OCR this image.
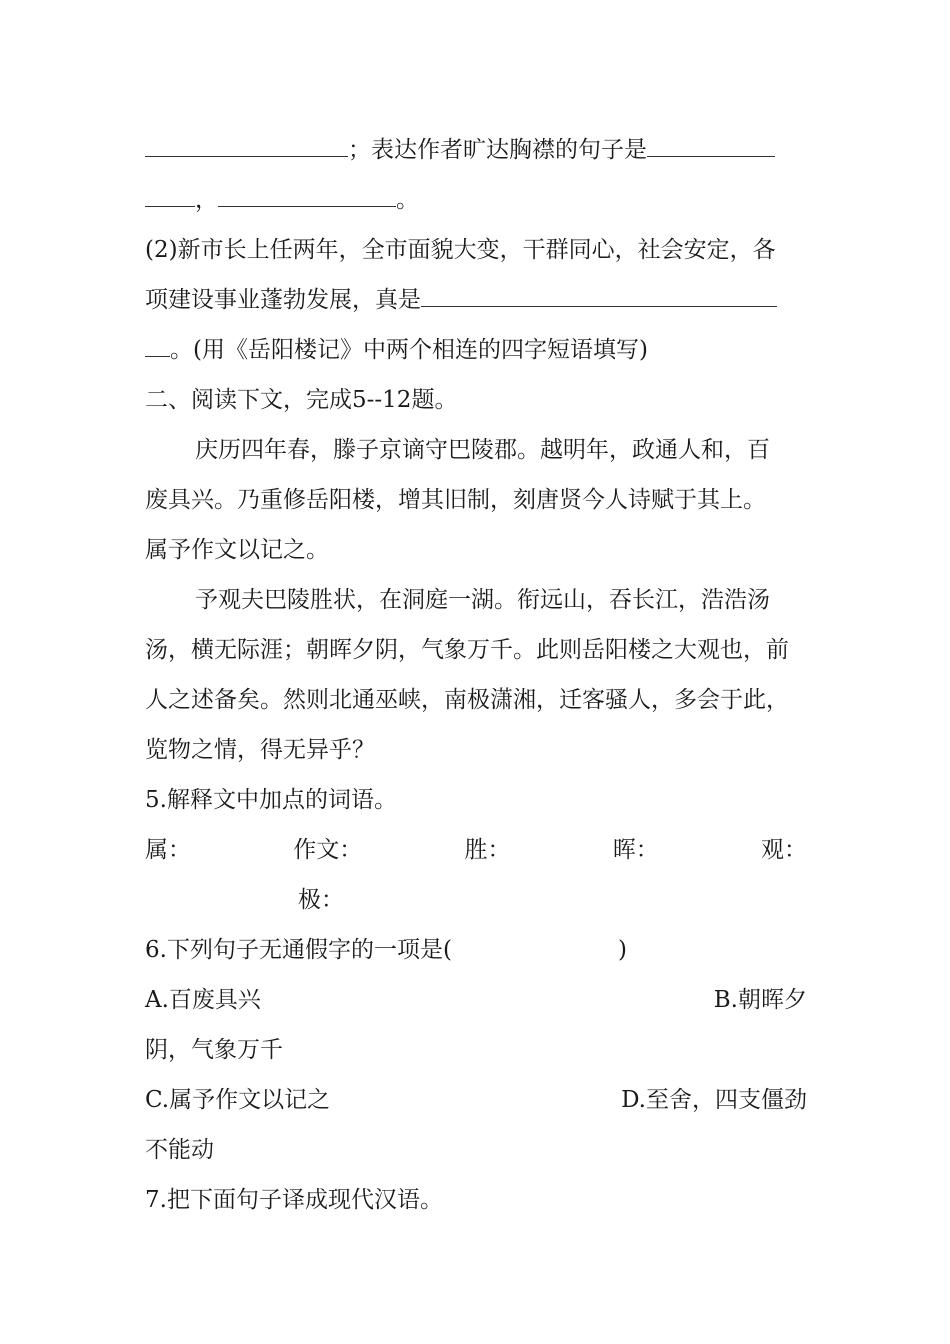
；表达作者旷达胸襟的句子是
，	。
(2)新市长上任两年，全市面貌大变，干群同心，社会安定，各
项建设事业蓬勃发展，真是
。(用《岳阳楼记》中两个相连的四字短语填写)
二、阅读下文，完成5--12题。
庆历四年春，滕子京谪守巴陵郡。越明年，政通人和，百
废具兴。乃重修岳阳楼，增其旧制，刻唐贤今人诗赋于其上。
属予作文以记之。
予观夫巴陵胜状，在洞庭一湖。衔远山，吞长江，浩浩汤
汤，横无际涯；朝晖夕阴，气象万千。此则岳阳楼之大观也，前
人之述备矣。然则北通巫峡，南极潇湘，迁客骚人，多会于此，
览物之情，得无异乎？
5.解释文中加点的词语。
属：	作文：	胜：	晖：	观：
极：
6.下列句子无通假字的一项是(	)
A.百废具兴	B.朝晖夕
阴，气象万千
C.属予作文以记之	D.至舍，四支僵劲
不能动
7.把下面句子译成现代汉语。
